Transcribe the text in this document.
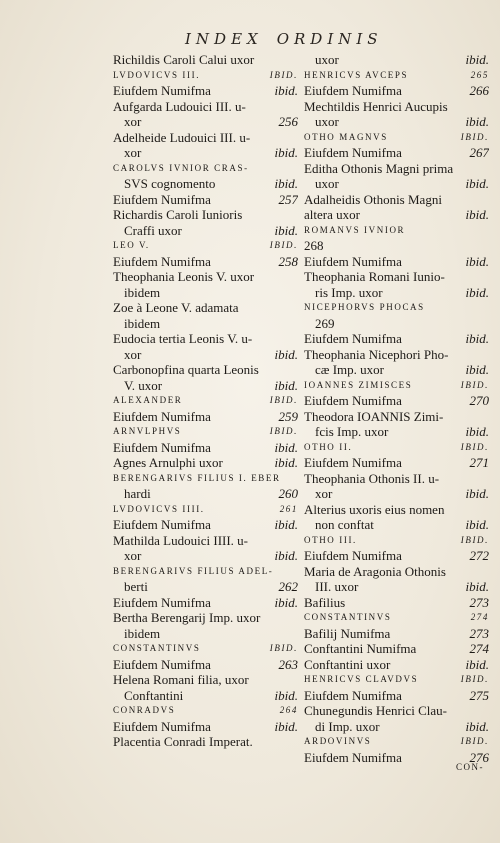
INDEX ORDINIS
Richildis Caroli Calui uxor
LVDOVICVS III.	IBID.
Eiufdem Numifma	ibid.
Aufgarda Ludouici III. u-
xor	256
Adelheide Ludouici III. u-
xor	ibid.
CAROLVS IVNIOR CRAS-
SVS cognomento	ibid.
Eiufdem Numifma	257
Richardis Caroli Iunioris
Craffi uxor	ibid.
LEO V.	IBID.
Eiufdem Numifma	258
Theophania Leonis V. uxor
ibidem
Zoe à Leone V. adamata
ibidem
Eudocia tertia Leonis V. u-
xor	ibid.
Carbonopfina quarta Leonis
V. uxor	ibid.
ALEXANDER	IBID.
Eiufdem Numifma	259
ARNVLPHVS	IBID.
Eiufdem Numifma	ibid.
Agnes Arnulphi uxor	ibid.
BERENGARIVS FILIUS I. EBER
hardi	260
LVDOVICVS IIII.	261
Eiufdem Numifma	ibid.
Mathilda Ludouici IIII. u-
xor	ibid.
BERENGARIVS FILIUS ADEL-
berti	262
Eiufdem Numifma	ibid.
Bertha Berengarij Imp. uxor
ibidem
CONSTANTINVS	IBID.
Eiufdem Numifma	263
Helena Romani filia, uxor
Conftantini	ibid.
CONRADVS	264
Eiufdem Numifma	ibid.
Placentia Conradi Imperat.
uxor	ibid.
HENRICVS AVCEPS	265
Eiufdem Numifma	266
Mechtildis Henrici Aucupis
uxor	ibid.
OTHO MAGNVS	IBID.
Eiufdem Numifma	267
Editha Othonis Magni prima
uxor	ibid.
Adalheidis Othonis Magni
altera uxor	ibid.
ROMANVS IVNIOR
268
Eiufdem Numifma	ibid.
Theophania Romani Iunio-
ris Imp. uxor	ibid.
NICEPHORVS PHOCAS
269
Eiufdem Numifma	ibid.
Theophania Nicephori Pho-
cæ Imp. uxor	ibid.
IOANNES ZIMISCES	IBID.
Eiufdem Numifma	270
Theodora IOANNIS Zimi-
fcis Imp. uxor	ibid.
OTHO II.	IBID.
Eiufdem Numifma	271
Theophania Othonis II. u-
xor	ibid.
Alterius uxoris eius nomen
non conftat	ibid.
OTHO III.	IBID.
Eiufdem Numifma	272
Maria de Aragonia Othonis
III. uxor	ibid.
Bafilius	273
CONSTANTINVS	274
Bafilij Numifma	273
Conftantini Numifma	274
Conftantini uxor	ibid.
HENRICVS CLAVDVS	IBID.
Eiufdem Numifma	275
Chunegundis Henrici Clau-
di Imp. uxor	ibid.
ARDOVINVS	IBID.
Eiufdem Numifma	276
CON-
